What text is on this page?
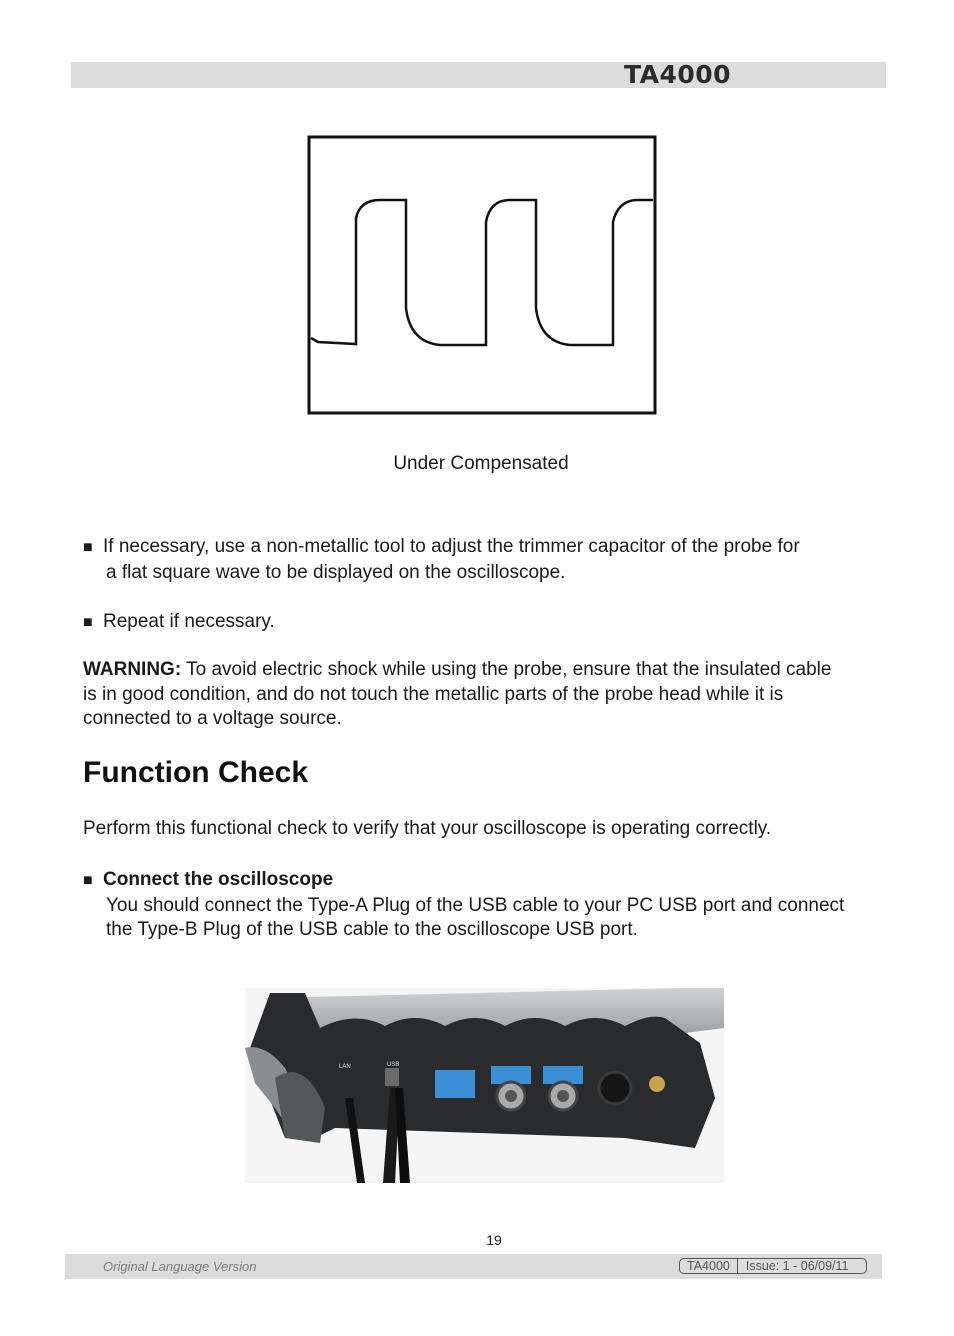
TA4000
Under Compensated

■ If necessary, use a non-metallic tool to adjust the trimmer capacitor of the probe for
a flat square wave to be displayed on the oscilloscope.

■ Repeat if necessary.

WARNING: To avoid electric shock while using the probe, ensure that the insulated cable
is in good condition, and do not touch the metallic parts of the probe head while it is
connected to a voltage source.

Function Check

Perform this functional check to verify that your oscilloscope is operating correctly.

■ Connect the oscilloscope
You should connect the Type-A Plug of the USB cable to your PC USB port and connect
the Type-B Plug of the USB cable to the oscilloscope USB port.

LAN	USB
19
Original Language Version	TA4000	Issue: 1 - 06/09/11
